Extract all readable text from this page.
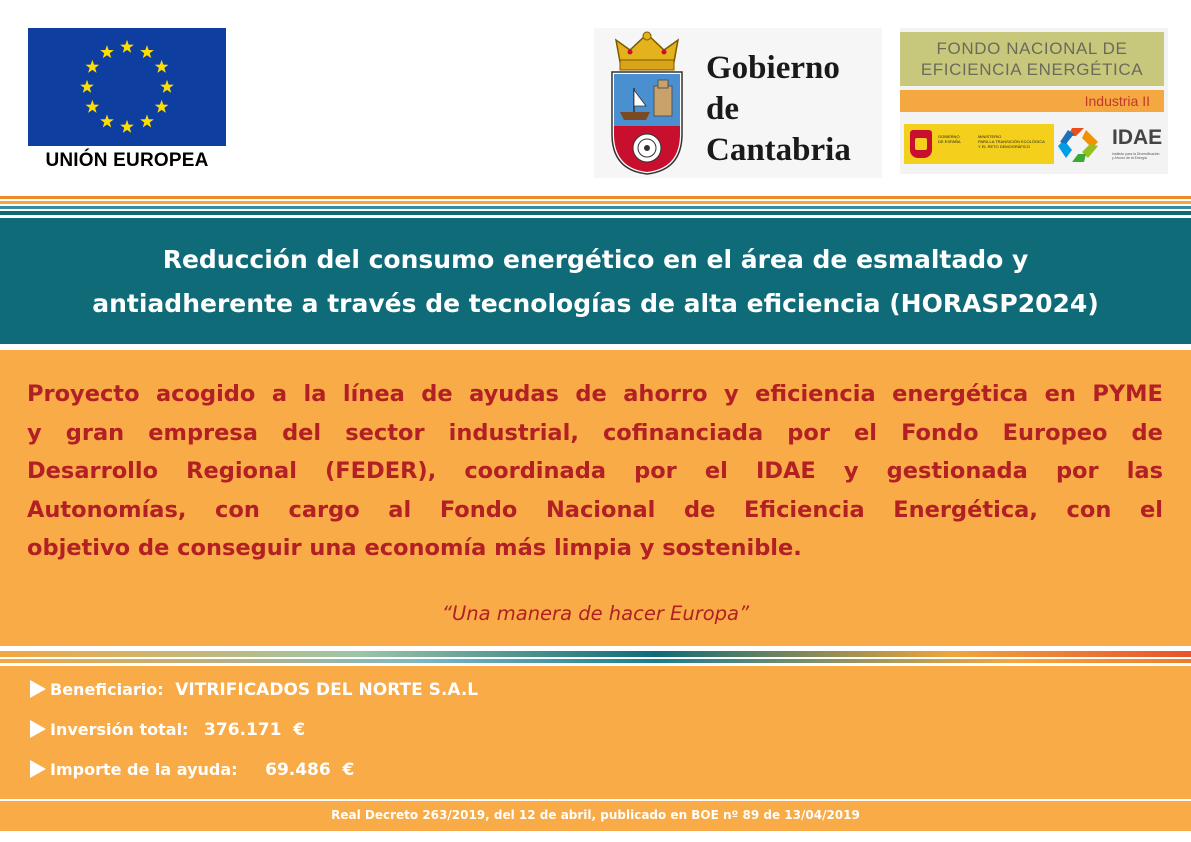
UNIÓN EUROPEA
Gobierno
de
Cantabria
FONDO NACIONAL DE
EFICIENCIA ENERGÉTICA
Industria II
GOBIERNO
DE ESPAÑA
MINISTERIO
PARA LA TRANSICIÓN ECOLÓGICA
Y EL RETO DEMOGRÁFICO	IDAE
Instituto para la Diversificación
y Ahorro de la Energía
Reducción del consumo energético en el área de esmaltado y
antiadherente a través de tecnologías de alta eficiencia (HORASP2024)
Proyecto acogido a la línea de ayudas de ahorro y eficiencia energética en PYME
y gran empresa del sector industrial, cofinanciada por el Fondo Europeo de
Desarrollo Regional (FEDER), coordinada por el IDAE y gestionada por las
Autonomías, con cargo al Fondo Nacional de Eficiencia Energética, con el
objetivo de conseguir una economía más limpia y sostenible.
“Una manera de hacer Europa”
Beneficiario: VITRIFICADOS DEL NORTE S.A.L
Inversión total: 376.171  €
Importe de la ayuda: 69.486  €
Real Decreto 263/2019, del 12 de abril, publicado en BOE nº 89 de 13/04/2019
